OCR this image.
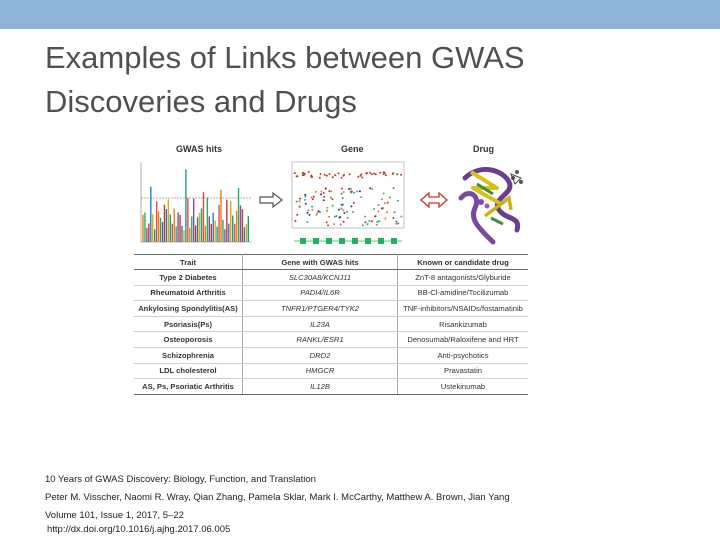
Examples of Links between GWAS Discoveries and Drugs
GWAS hits	Gene	Drug
Trait	Gene with GWAS hits	Known or candidate drug
Type 2 Diabetes	SLC30A8/KCNJ11	ZnT-8 antagonists/Glyburide
Rheumatoid Arthritis	PADI4/IL6R	BB-Cl-amidine/Tocilizumab
Ankylosing Spondylitis(AS)	TNFR1/PTGER4/TYK2	TNF-inhibitors/NSAIDs/fostamatinib
Psoriasis(Ps)	IL23A	Risankizumab
Osteoporosis	RANKL/ESR1	Denosumab/Raloxifene and HRT
Schizophrenia	DRD2	Anti-psychotics
LDL cholesterol	HMGCR	Pravastatin
AS, Ps, Psoriatic Arthritis	IL12B	Ustekinumab
10 Years of GWAS Discovery: Biology, Function, and Translation
Peter M. Visscher, Naomi R. Wray, Qian Zhang, Pamela Sklar, Mark I. McCarthy, Matthew A. Brown, Jian Yang
Volume 101, Issue 1, 2017, 5–22
http://dx.doi.org/10.1016/j.ajhg.2017.06.005
